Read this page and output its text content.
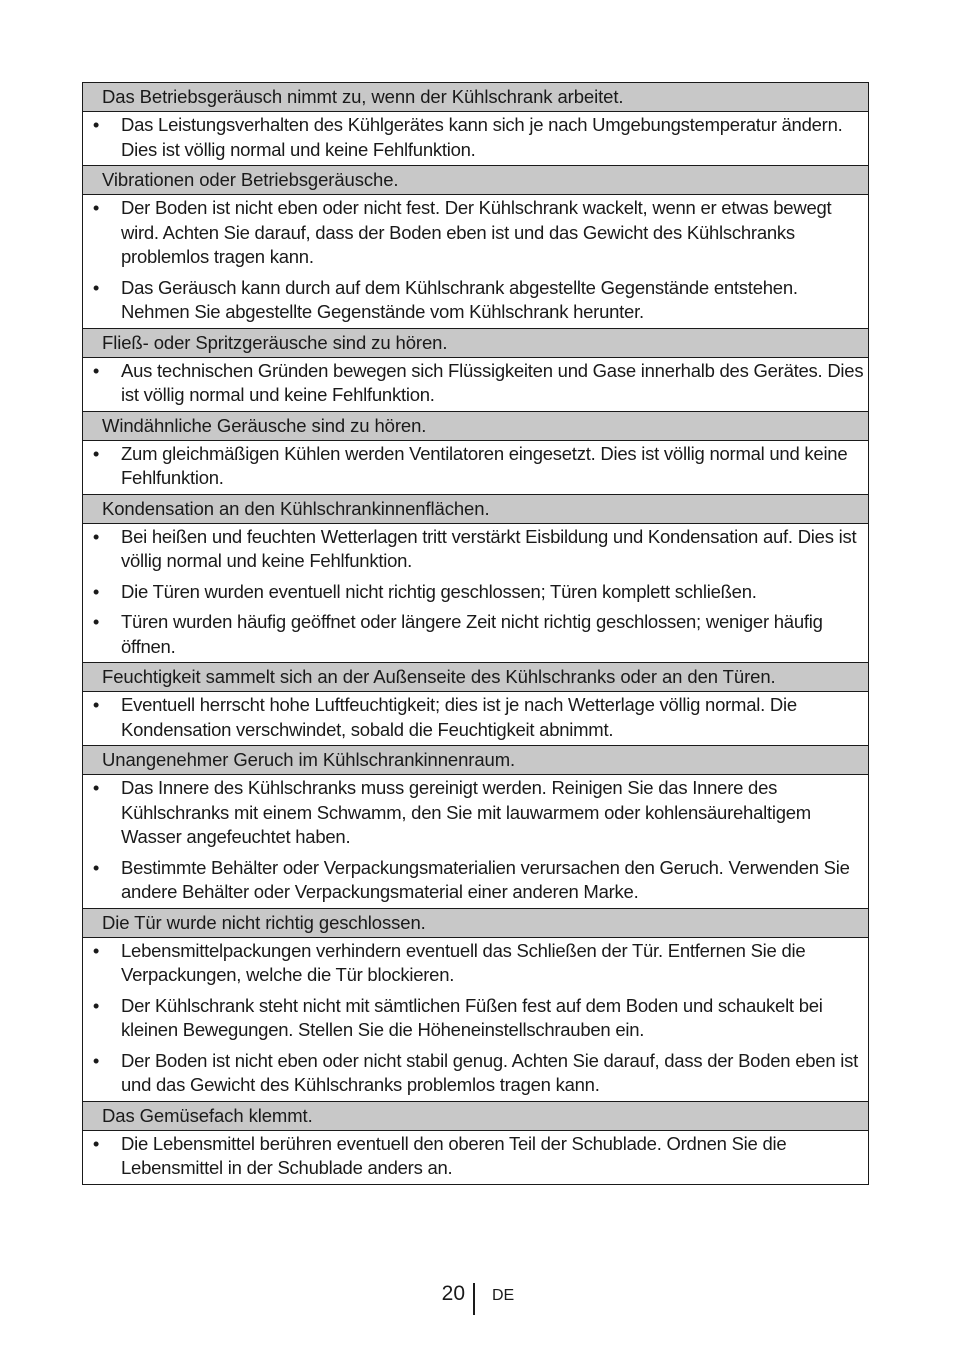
Das Betriebsgeräusch nimmt zu, wenn der Kühlschrank arbeitet.
• Das Leistungsverhalten des Kühlgerätes kann sich je nach Umgebungstemperatur ändern. Dies ist völlig normal und keine Fehlfunktion.
Vibrationen oder Betriebsgeräusche.
• Der Boden ist nicht eben oder nicht fest. Der Kühlschrank wackelt, wenn er etwas bewegt wird. Achten Sie darauf, dass der Boden eben ist und das Gewicht des Kühlschranks problemlos tragen kann.
• Das Geräusch kann durch auf dem Kühlschrank abgestellte Gegenstände entstehen. Nehmen Sie abgestellte Gegenstände vom Kühlschrank herunter.
Fließ- oder Spritzgeräusche sind zu hören.
• Aus technischen Gründen bewegen sich Flüssigkeiten und Gase innerhalb des Gerätes. Dies ist völlig normal und keine Fehlfunktion.
Windähnliche Geräusche sind zu hören.
• Zum gleichmäßigen Kühlen werden Ventilatoren eingesetzt. Dies ist völlig normal und keine Fehlfunktion.
Kondensation an den Kühlschrankinnenflächen.
• Bei heißen und feuchten Wetterlagen tritt verstärkt Eisbildung und Kondensation auf. Dies ist völlig normal und keine Fehlfunktion.
• Die Türen wurden eventuell nicht richtig geschlossen; Türen komplett schließen.
• Türen wurden häufig geöffnet oder längere Zeit nicht richtig geschlossen; weniger häufig öffnen.
Feuchtigkeit sammelt sich an der Außenseite des Kühlschranks oder an den Türen.
• Eventuell herrscht hohe Luftfeuchtigkeit; dies ist je nach Wetterlage völlig normal. Die Kondensation verschwindet, sobald die Feuchtigkeit abnimmt.
Unangenehmer Geruch im Kühlschrankinnenraum.
• Das Innere des Kühlschranks muss gereinigt werden. Reinigen Sie das Innere des Kühlschranks mit einem Schwamm, den Sie mit lauwarmem oder kohlensäurehaltigem Wasser angefeuchtet haben.
• Bestimmte Behälter oder Verpackungsmaterialien verursachen den Geruch. Verwenden Sie andere Behälter oder Verpackungsmaterial einer anderen Marke.
Die Tür wurde nicht richtig geschlossen.
• Lebensmittelpackungen verhindern eventuell das Schließen der Tür. Entfernen Sie die Verpackungen, welche die Tür blockieren.
• Der Kühlschrank steht nicht mit sämtlichen Füßen fest auf dem Boden und schaukelt bei kleinen Bewegungen. Stellen Sie die Höheneinstellschrauben ein.
• Der Boden ist nicht eben oder nicht stabil genug. Achten Sie darauf, dass der Boden eben ist und das Gewicht des Kühlschranks problemlos tragen kann.
Das Gemüsefach klemmt.
• Die Lebensmittel berühren eventuell den oberen Teil der Schublade. Ordnen Sie die Lebensmittel in der Schublade anders an.
20 DE
